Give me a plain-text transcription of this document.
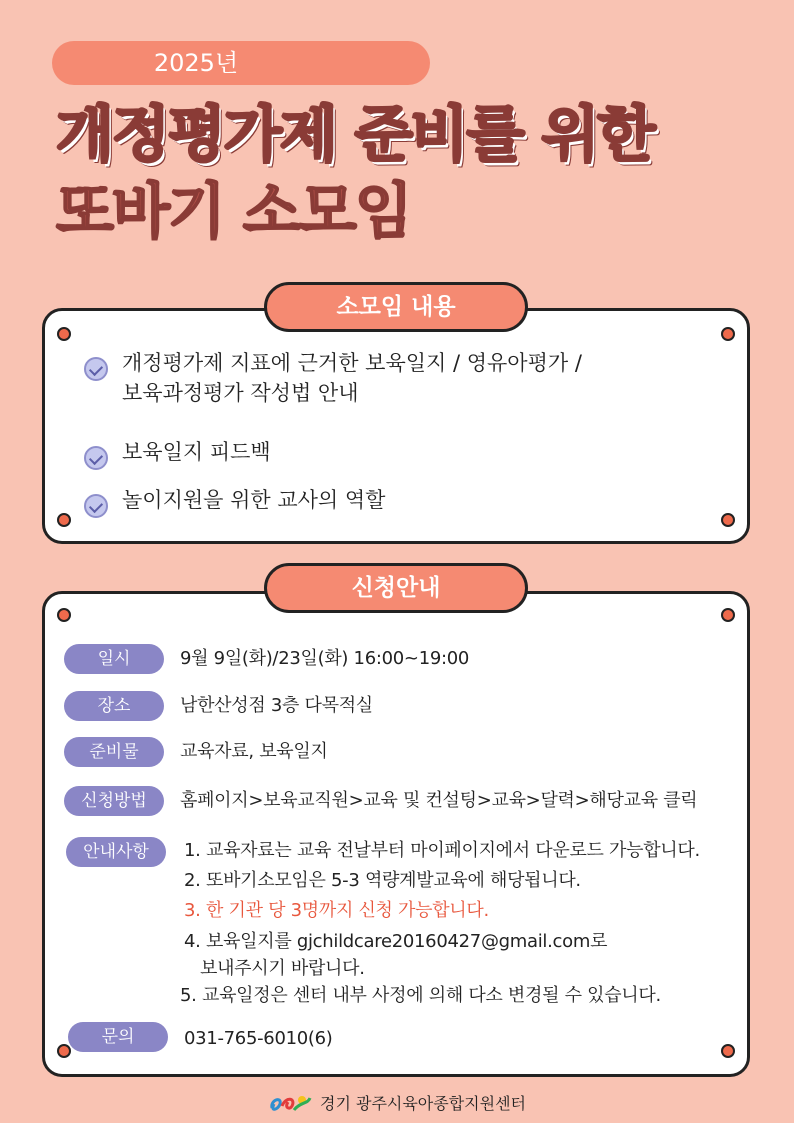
2025년
개정평가제 준비를 위한
또바기 소모임
소모임 내용
개정평가제 지표에 근거한 보육일지 / 영유아평가 /
보육과정평가 작성법 안내
보육일지 피드백
놀이지원을 위한 교사의 역할
신청안내
일시	9월 9일(화)/23일(화) 16:00~19:00
장소	남한산성점 3층 다목적실
준비물	교육자료, 보육일지
신청방법	홈페이지>보육교직원>교육 및 컨설팅>교육>달력>해당교육 클릭
안내사항	1. 교육자료는 교육 전날부터 마이페이지에서 다운로드 가능합니다.
2. 또바기소모임은 5-3 역량계발교육에 해당됩니다.
3. 한 기관 당 3명까지 신청 가능합니다.
4. 보육일지를 gjchildcare20160427@gmail.com로
보내주시기 바랍니다.
5. 교육일정은 센터 내부 사정에 의해 다소 변경될 수 있습니다.
문의	031-765-6010(6)
경기 광주시육아종합지원센터
